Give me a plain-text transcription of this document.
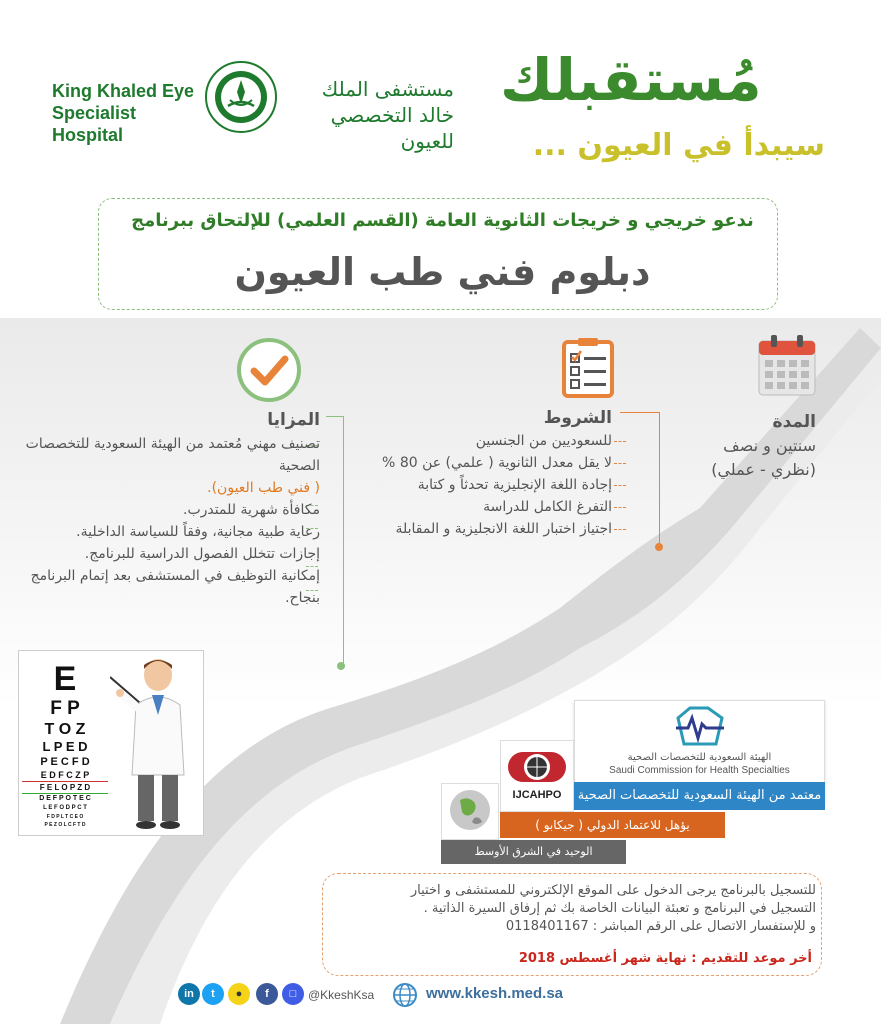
مُستقبلك
سيبدأ في العيون ...
King Khaled Eye Specialist Hospital
مستشفى الملك خالد التخصصي للعيون
ندعو خريجي و خريجات الثانوية العامة (القسم العلمي) للإلتحاق ببرنامج
دبلوم فني طب العيون
المزايا
تصنيف مهني مُعتمد من الهيئة السعودية للتخصصات الصحية
( فني طب العيون).
مكافأة شهرية للمتدرب.
رعاية طبية مجانية، وفقاً للسياسة الداخلية.
إجازات تتخلل الفصول الدراسية للبرنامج.
إمكانية التوظيف في المستشفى بعد إتمام البرنامج بنجاح.
الشروط
للسعوديين من الجنسين
لا يقل معدل الثانوية ( علمي) عن 80 %
إجادة اللغة الإنجليزية تحدثاً و كتابة
التفرغ الكامل للدراسة
اجتياز اختبار اللغة الانجليزية و المقابلة
المدة
سنتين و نصف
(نظري - عملي)
E
F P
T O Z
L P E D
P E C F D
E D F C Z P
F E L O P Z D
D E F P O T E C
L E F O D P C T
F D P L T C E O
P E Z O L C F T D
الهيئة السعودية للتخصصات الصحية
Saudi Commission for Health Specialties
معتمد من الهيئة السعودية للتخصصات الصحية
IJCAHPO
يؤهل للاعتماد الدولي ( جيكابو )
الوحيد في الشرق الأوسط
للتسجيل بالبرنامج يرجى الدخول على الموقع الإلكتروني للمستشفى و اختيار
التسجيل في البرنامج و تعبئة البيانات الخاصة بك ثم إرفاق السيرة الذاتية .
و للإستفسار الاتصال على الرقم المباشر : 0118401167
أخر موعد للتقديم : نهاية شهر أغسطس 2018
in	t	●	f	□ @KkeshKsa	www.kkesh.med.sa
